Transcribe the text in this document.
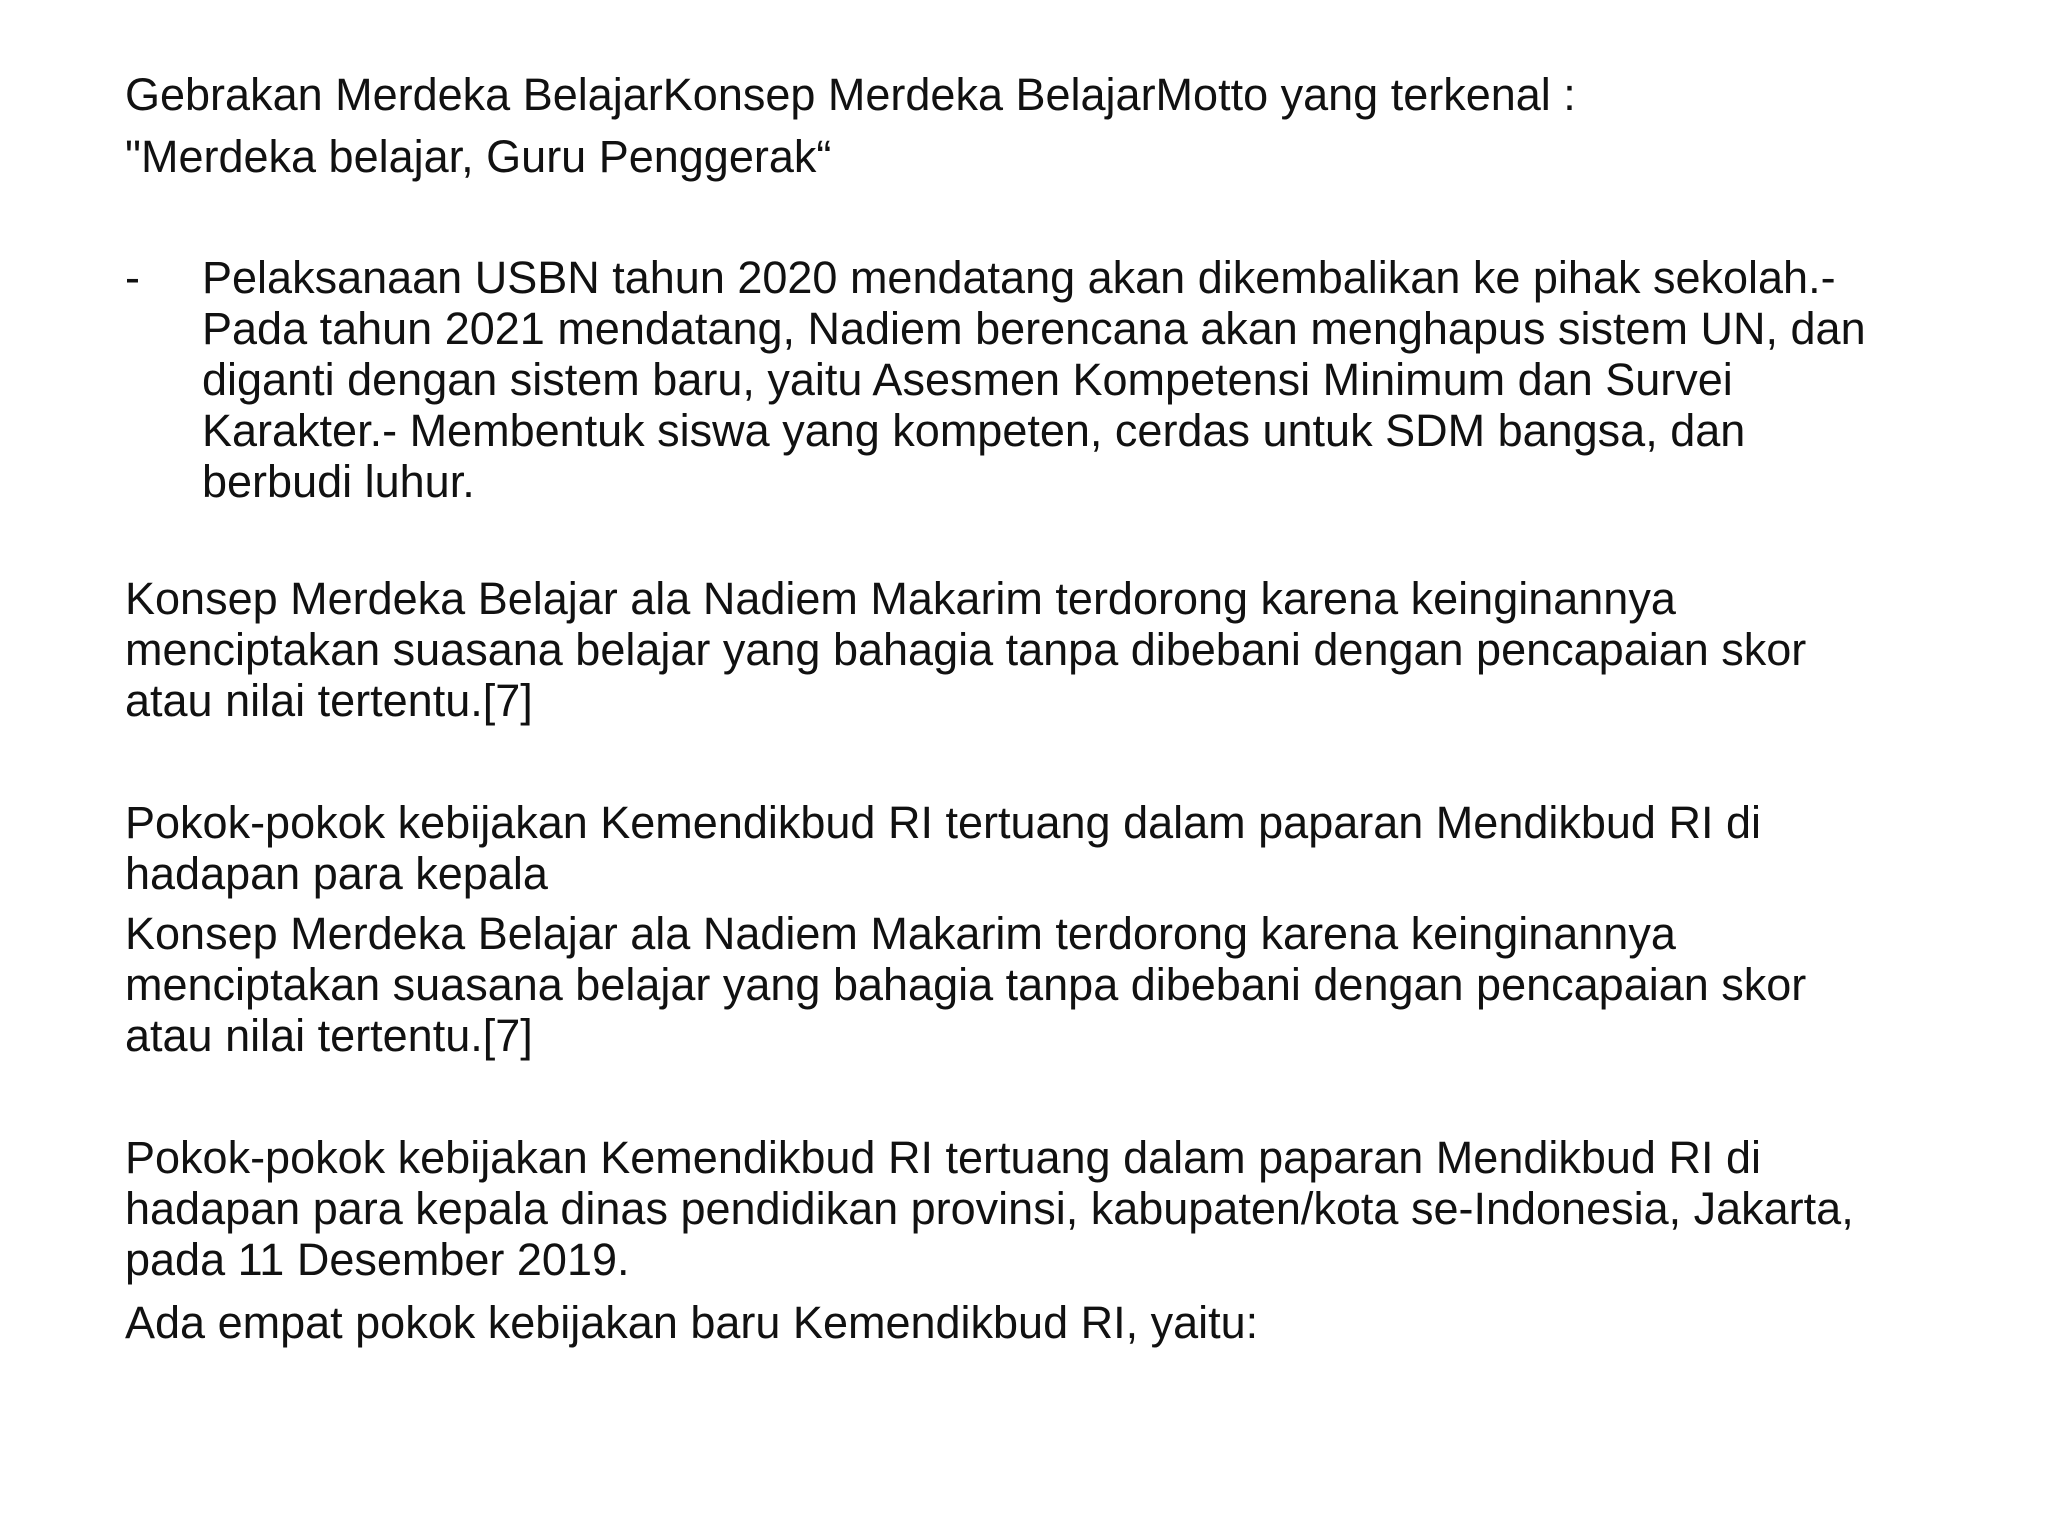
Gebrakan Merdeka BelajarKonsep Merdeka BelajarMotto yang terkenal :
"Merdeka belajar, Guru Penggerak“
- Pelaksanaan USBN tahun 2020 mendatang akan dikembalikan ke pihak sekolah.-
Pada tahun 2021 mendatang, Nadiem berencana akan menghapus sistem UN, dan
diganti dengan sistem baru, yaitu Asesmen Kompetensi Minimum dan Survei
Karakter.- Membentuk siswa yang kompeten, cerdas untuk SDM bangsa, dan
berbudi luhur.
Konsep Merdeka Belajar ala Nadiem Makarim terdorong karena keinginannya
menciptakan suasana belajar yang bahagia tanpa dibebani dengan pencapaian skor
atau nilai tertentu.[7]
Pokok-pokok kebijakan Kemendikbud RI tertuang dalam paparan Mendikbud RI di
hadapan para kepala
Konsep Merdeka Belajar ala Nadiem Makarim terdorong karena keinginannya
menciptakan suasana belajar yang bahagia tanpa dibebani dengan pencapaian skor
atau nilai tertentu.[7]
Pokok-pokok kebijakan Kemendikbud RI tertuang dalam paparan Mendikbud RI di
hadapan para kepala dinas pendidikan provinsi, kabupaten/kota se-Indonesia, Jakarta,
pada 11 Desember 2019.
Ada empat pokok kebijakan baru Kemendikbud RI, yaitu:
